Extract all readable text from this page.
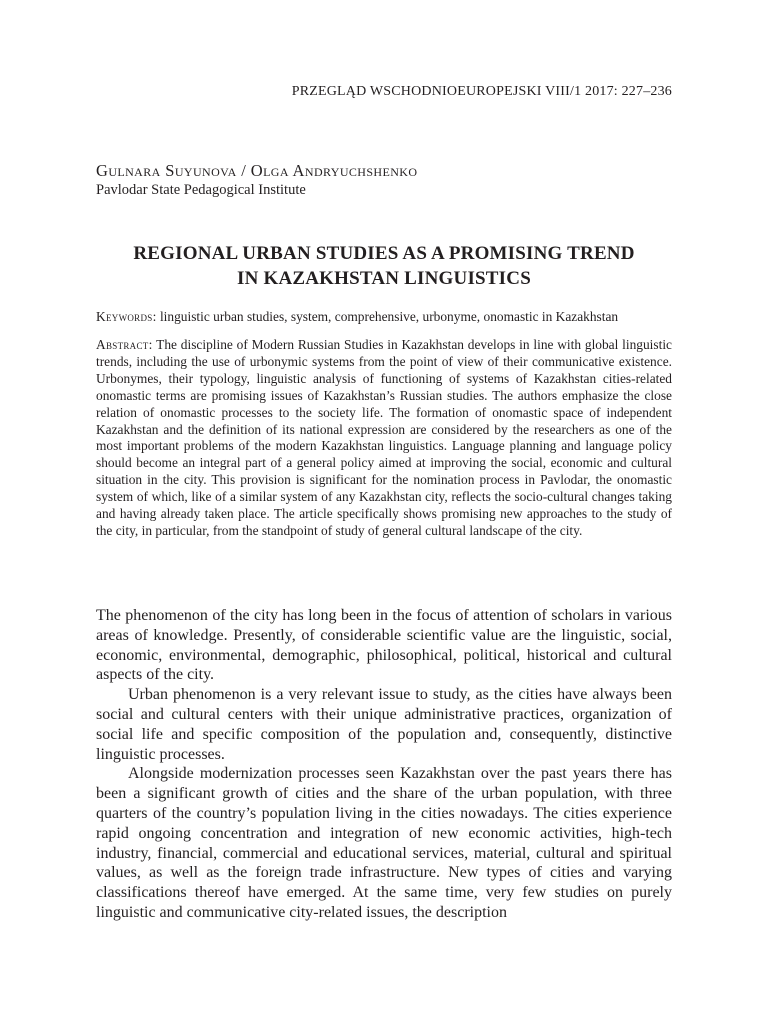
PRZEGLĄD WSCHODNIOEUROPEJSKI VIII/1 2017: 227–236
Gulnara Suyunova / Olga Andryuchshenko
Pavlodar State Pedagogical Institute
REGIONAL URBAN STUDIES AS A PROMISING TREND
IN KAZAKHSTAN LINGUISTICS
Keywords: linguistic urban studies, system, comprehensive, urbonyme, onomastic in Kazakhstan

Abstract: The discipline of Modern Russian Studies in Kazakhstan develops in line with global linguistic trends, including the use of urbonymic systems from the point of view of their communicative existence. Urbonymes, their typology, linguistic analysis of functioning of systems of Kazakhstan cities-related onomastic terms are promising issues of Kazakhstan’s Russian studies. The authors emphasize the close relation of onomastic processes to the society life. The formation of onomastic space of independent Kazakhstan and the definition of its national expression are considered by the researchers as one of the most important problems of the modern Kazakhstan linguistics. Language planning and language policy should become an integral part of a general policy aimed at improving the social, economic and cultural situation in the city. This provision is significant for the nomination process in Pavlodar, the onomastic system of which, like of a similar system of any Kazakhstan city, reflects the socio-cultural changes taking and having already taken place. The article specifically shows promising new approaches to the study of the city, in particular, from the standpoint of study of general cultural landscape of the city.

The phenomenon of the city has long been in the focus of attention of scholars in various areas of knowledge. Presently, of considerable scientific value are the linguistic, social, economic, environmental, demographic, philosophical, political, historical and cultural aspects of the city.

Urban phenomenon is a very relevant issue to study, as the cities have always been social and cultural centers with their unique administrative practices, organization of social life and specific composition of the population and, consequently, distinctive linguistic processes.

Alongside modernization processes seen Kazakhstan over the past years there has been a significant growth of cities and the share of the urban population, with three quarters of the country’s population living in the cities nowadays. The cities experience rapid ongoing concentration and integration of new economic activities, high-tech industry, financial, commercial and educational services, material, cultural and spiritual values, as well as the foreign trade infrastructure. New types of cities and varying classifications thereof have emerged. At the same time, very few studies on purely linguistic and communicative city-related issues, the description
